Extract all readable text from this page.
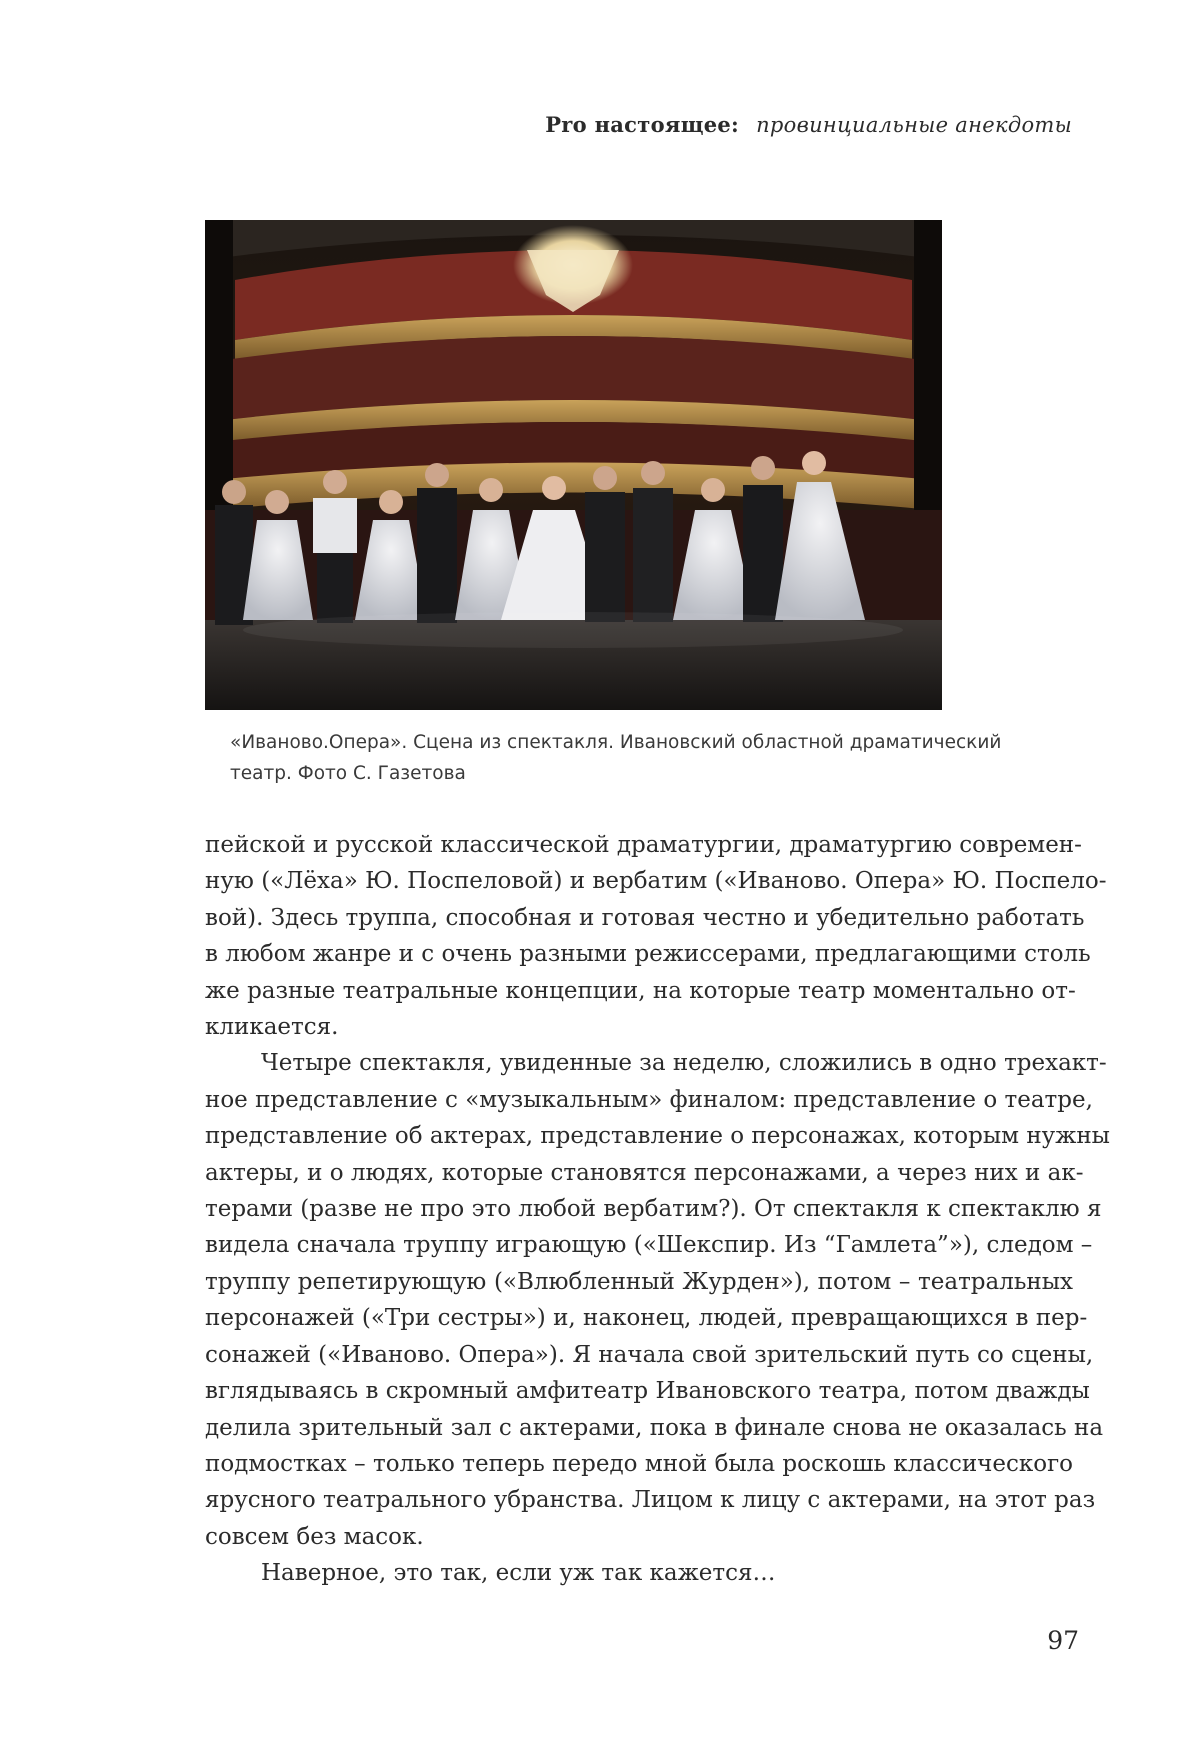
Pro настоящее: провинциальные анекдоты
«Иваново.Опера». Сцена из спектакля. Ивановский областной драматический
театр. Фото С. Газетова

пейской и русской классической драматургии, драматургию современ-
ную («Лёха» Ю. Поспеловой) и вербатим («Иваново. Опера» Ю. Поспело-
вой). Здесь труппа, способная и готовая честно и убедительно работать
в любом жанре и с очень разными режиссерами, предлагающими столь
же разные театральные концепции, на которые театр моментально от-
кликается.

Четыре спектакля, увиденные за неделю, сложились в одно трехакт-
ное представление с «музыкальным» финалом: представление о театре,
представление об актерах, представление о персонажах, которым нужны
актеры, и о людях, которые становятся персонажами, а через них и ак-
терами (разве не про это любой вербатим?). От спектакля к спектаклю я
видела сначала труппу играющую («Шекспир. Из “Гамлета”»), следом –
труппу репетирующую («Влюбленный Журден»), потом – театральных
персонажей («Три сестры») и, наконец, людей, превращающихся в пер-
сонажей («Иваново. Опера»). Я начала свой зрительский путь со сцены,
вглядываясь в скромный амфитеатр Ивановского театра, потом дважды
делила зрительный зал с актерами, пока в финале снова не оказалась на
подмостках – только теперь передо мной была роскошь классического
ярусного театрального убранства. Лицом к лицу с актерами, на этот раз
совсем без масок.

Наверное, это так, если уж так кажется…

97
